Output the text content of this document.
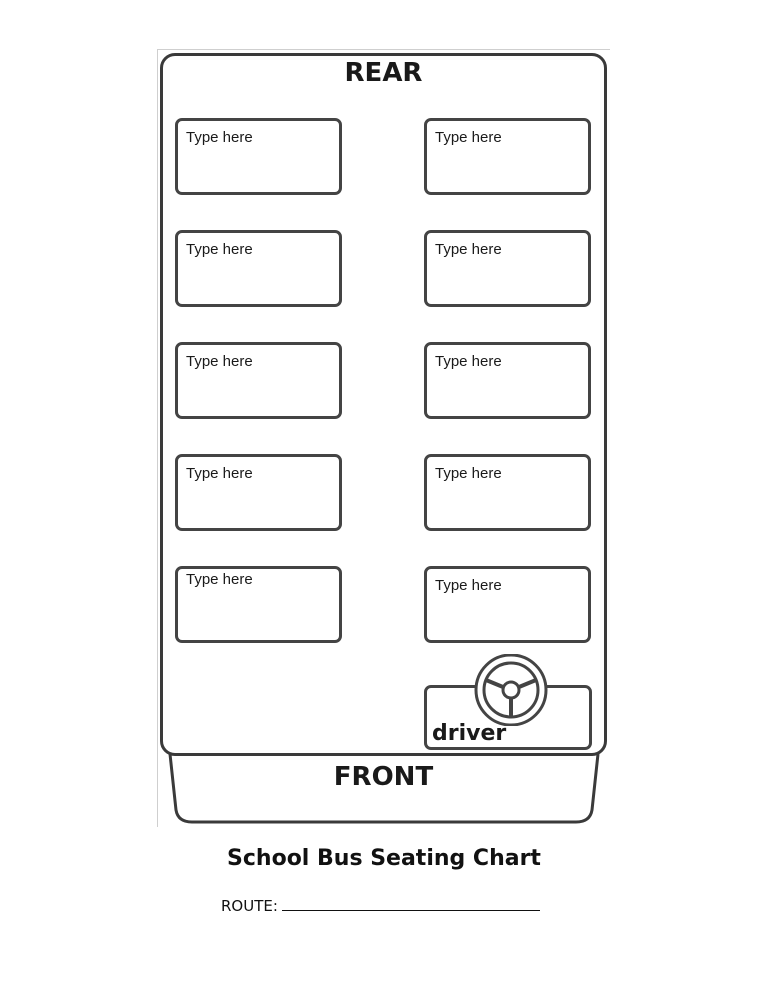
REAR
Type here
Type here
Type here
Type here
Type here
Type here
Type here
Type here
Type here
Type here
driver
FRONT
School Bus Seating Chart
ROUTE:
